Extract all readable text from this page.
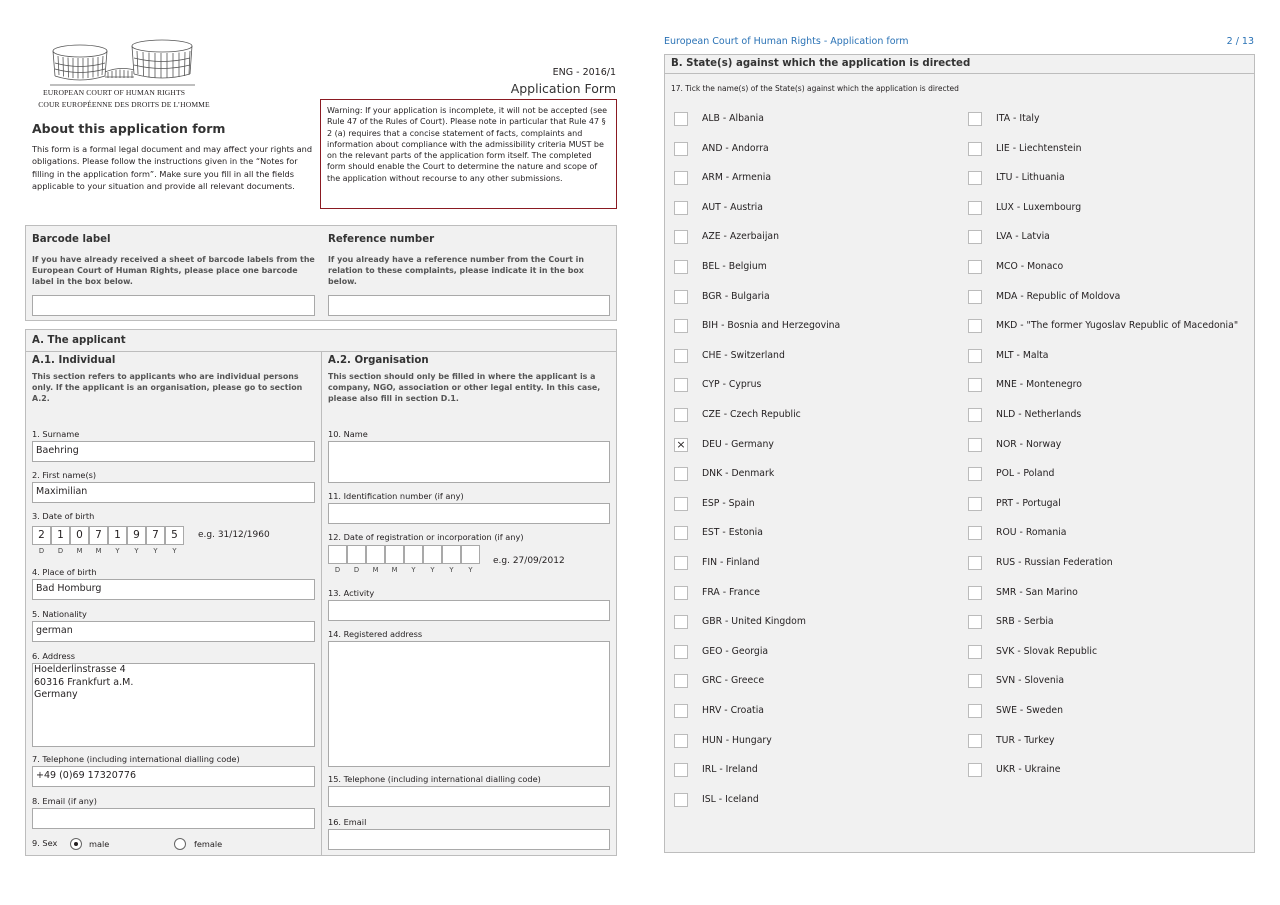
EUROPEAN COURT OF HUMAN RIGHTS
COUR EUROPÉENNE DES DROITS DE L’HOMME
ENG - 2016/1
Application Form
About this application form
This form is a formal legal document and may affect your rights and obligations. Please follow the instructions given in the “Notes for filling in the application form”. Make sure you fill in all the fields applicable to your situation and provide all relevant documents.
Warning: If your application is incomplete, it will not be accepted (see Rule 47 of the Rules of Court). Please note in particular that Rule 47 § 2 (a) requires that a concise statement of facts, complaints and information about compliance with the admissibility criteria MUST be on the relevant parts of the application form itself. The completed form should enable the Court to determine the nature and scope of the application without recourse to any other submissions.
Barcode label
If you have already received a sheet of barcode labels from the European Court of Human Rights, please place one barcode label in the box below.
Reference number
If you already have a reference number from the Court in relation to these complaints, please indicate it in the box below.
A. The applicant
A.1. Individual
This section refers to applicants who are individual persons only. If the applicant is an organisation, please go to section A.2.
1. Surname
Baehring
2. First name(s)
Maximilian
3. Date of birth
2	1	0	7	1	9	7	5
D	D	M	M	Y	Y	Y	Y
e.g. 31/12/1960
4. Place of birth
Bad Homburg
5. Nationality
german
6. Address
Hoelderlinstrasse 4
60316 Frankfurt a.M.
Germany
7. Telephone (including international dialling code)
+49 (0)69 17320776
8. Email (if any)
9. Sex	male	female
A.2. Organisation
This section should only be filled in where the applicant is a company, NGO, association or other legal entity. In this case, please also fill in section D.1.
10. Name
11. Identification number (if any)
12. Date of registration or incorporation (if any)
D	D	M	M	Y	Y	Y	Y
e.g. 27/09/2012
13. Activity
14. Registered address
15. Telephone (including international dialling code)
16. Email
European Court of Human Rights - Application form	2 / 13
B. State(s) against which the application is directed
17. Tick the name(s) of the State(s) against which the application is directed
ALB - Albania
AND - Andorra
ARM - Armenia
AUT - Austria
AZE - Azerbaijan
BEL - Belgium
BGR - Bulgaria
BIH - Bosnia and Herzegovina
CHE - Switzerland
CYP - Cyprus
CZE - Czech Republic
× DEU - Germany
DNK - Denmark
ESP - Spain
EST - Estonia
FIN - Finland
FRA - France
GBR - United Kingdom
GEO - Georgia
GRC - Greece
HRV - Croatia
HUN - Hungary
IRL - Ireland
ISL - Iceland
ITA - Italy
LIE - Liechtenstein
LTU - Lithuania
LUX - Luxembourg
LVA - Latvia
MCO - Monaco
MDA - Republic of Moldova
MKD - "The former Yugoslav Republic of Macedonia"
MLT - Malta
MNE - Montenegro
NLD - Netherlands
NOR - Norway
POL - Poland
PRT - Portugal
ROU - Romania
RUS - Russian Federation
SMR - San Marino
SRB - Serbia
SVK - Slovak Republic
SVN - Slovenia
SWE - Sweden
TUR - Turkey
UKR - Ukraine
